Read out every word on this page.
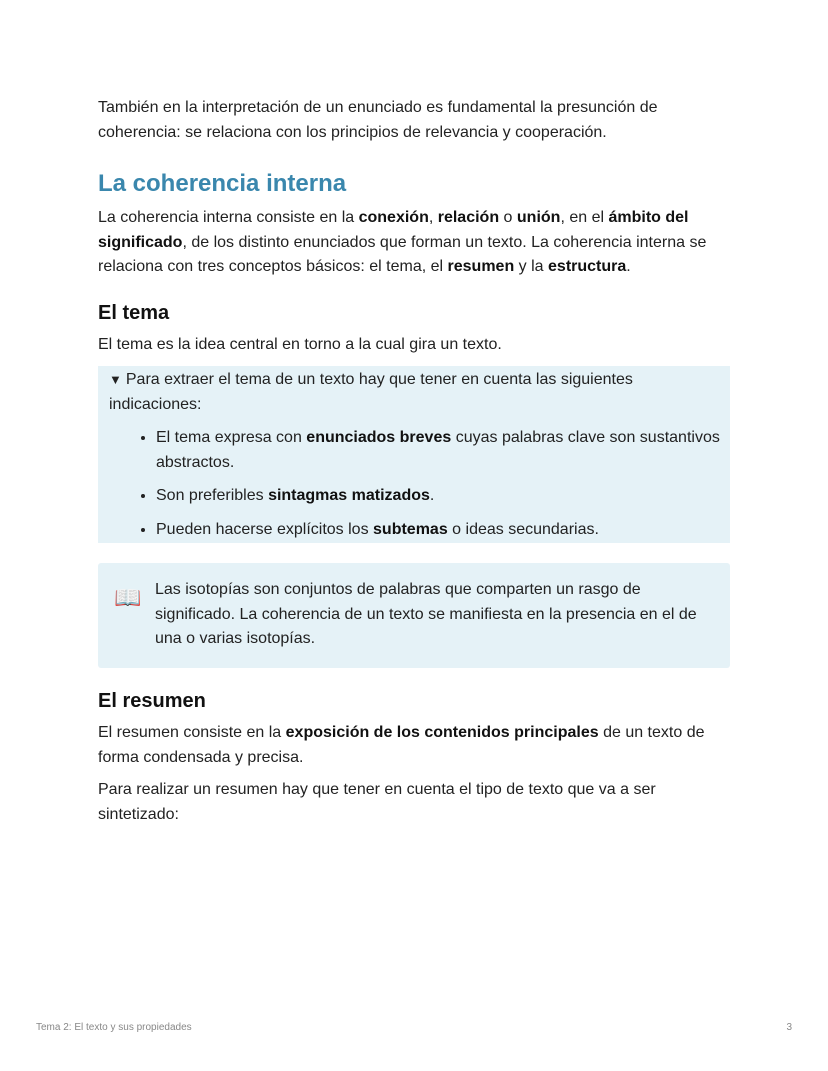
También en la interpretación de un enunciado es fundamental la presunción de coherencia: se relaciona con los principios de relevancia y cooperación.

La coherencia interna

La coherencia interna consiste en la conexión, relación o unión, en el ámbito del significado, de los distinto enunciados que forman un texto. La coherencia interna se relaciona con tres conceptos básicos: el tema, el resumen y la estructura.

El tema

El tema es la idea central en torno a la cual gira un texto.

▼ Para extraer el tema de un texto hay que tener en cuenta las siguientes indicaciones:
• El tema expresa con enunciados breves cuyas palabras clave son sustantivos abstractos.
• Son preferibles sintagmas matizados.
• Pueden hacerse explícitos los subtemas o ideas secundarias.
📖 Las isotopías son conjuntos de palabras que comparten un rasgo de significado. La coherencia de un texto se manifiesta en la presencia en el de una o varias isotopías.

El resumen

El resumen consiste en la exposición de los contenidos principales de un texto de forma condensada y precisa.

Para realizar un resumen hay que tener en cuenta el tipo de texto que va a ser sintetizado:

Tema 2: El texto y sus propiedades	3
